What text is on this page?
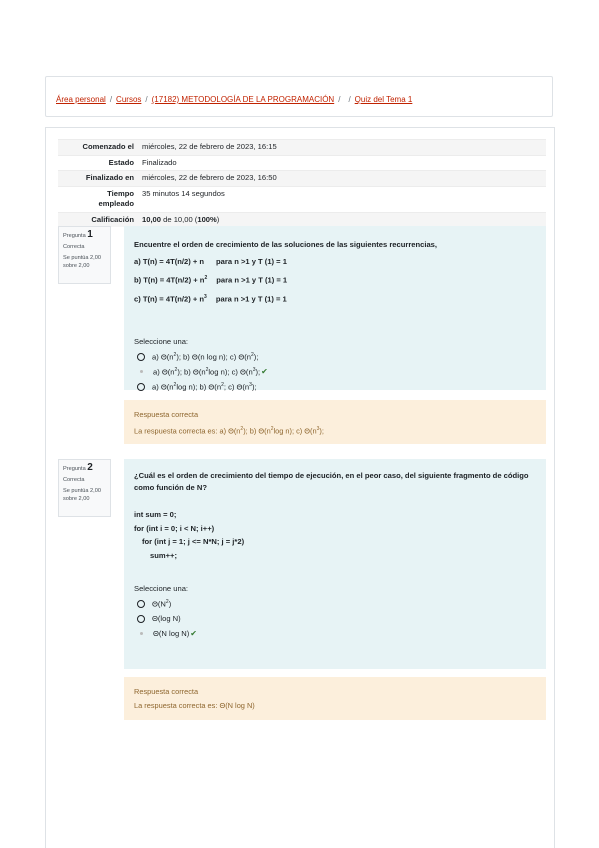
Área personal / Cursos / (17182) METODOLOGÍA DE LA PROGRAMACIÓN / / Quiz del Tema 1
Comenzado el	miércoles, 22 de febrero de 2023, 16:15
Estado	Finalizado
Finalizado en	miércoles, 22 de febrero de 2023, 16:50
Tiempo
empleado	35 minutos 14 segundos
Calificación	10,00 de 10,00 (100%)
Pregunta 1
Correcta
Se puntúa 2,00 sobre 2,00
Encuentre el orden de crecimiento de las soluciones de las siguientes recurrencias,
a) T(n) = 4T(n/2) + n para n >1 y T (1) = 1
b) $T(n) = 4T(n/2) + n^2$ para n >1 y T (1) = 1
c) $T(n) = 4T(n/2) + n^3$ para n >1 y T (1) = 1
Seleccione una:
a) $\Theta(n^2)$; b) Θ(n log n); c) $\Theta(n^2)$;
a) $\Theta(n^2)$; b) $\Theta(n^2\log$ n); c) $\Theta(n^3)$; ✔
a) $\Theta(n^2\log$ n); b) $\Theta(n^2$; c) $\Theta(n^3)$;
Respuesta correcta
La respuesta correcta es: a) $\Theta(n^2)$; b) $\Theta(n^2\log$ n); c) $\Theta(n^3)$;
Pregunta 2
Correcta
Se puntúa 2,00 sobre 2,00
¿Cuál es el orden de crecimiento del tiempo de ejecución, en el peor caso, del siguiente fragmento de código como función de N?
int sum = 0;
for (int i = 0; i < N; i++)
for (int j = 1; j <= N*N; j = j*2)
sum++;
Seleccione una:
$\Theta(N^2)$
Θ(log N)
Θ(N log N) ✔
Respuesta correcta
La respuesta correcta es: Θ(N log N)
